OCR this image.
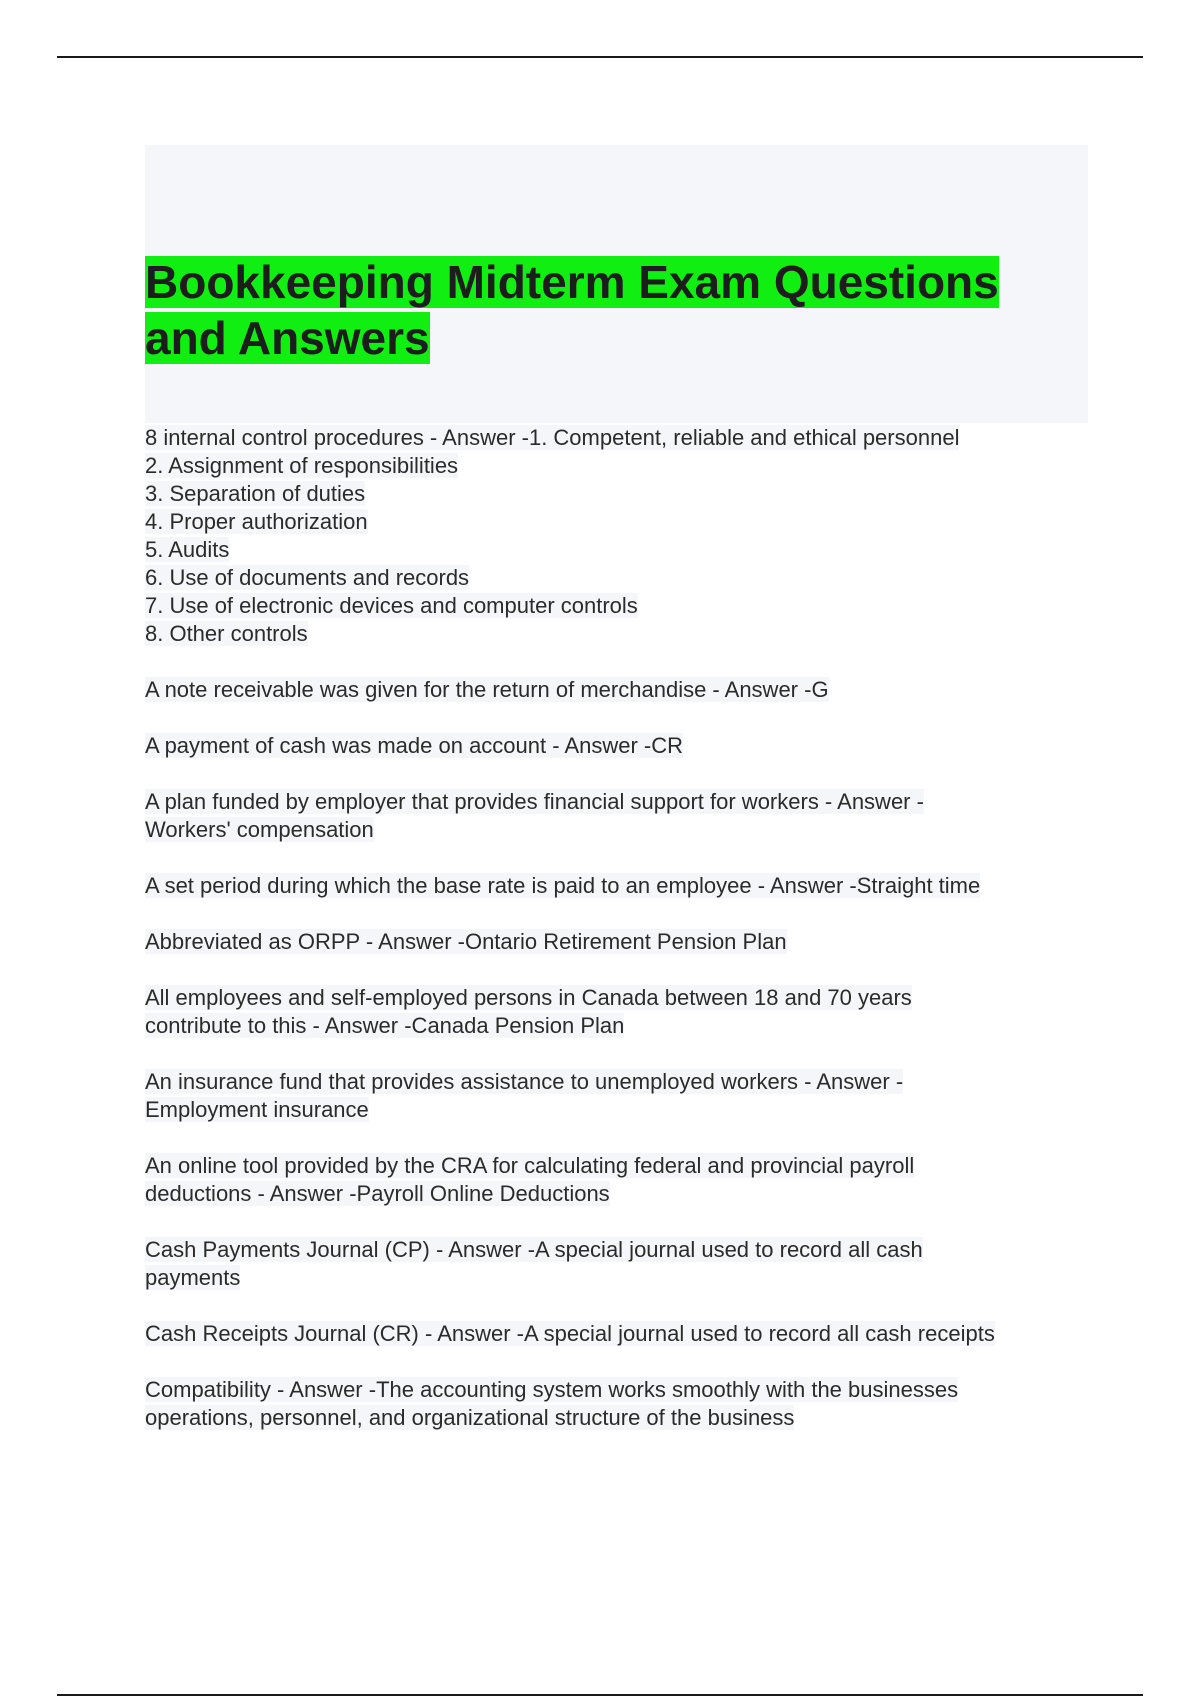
Bookkeeping Midterm Exam Questions and Answers

8 internal control procedures - Answer -1. Competent, reliable and ethical personnel
2. Assignment of responsibilities
3. Separation of duties
4. Proper authorization
5. Audits
6. Use of documents and records
7. Use of electronic devices and computer controls
8. Other controls

A note receivable was given for the return of merchandise - Answer -G

A payment of cash was made on account - Answer -CR

A plan funded by employer that provides financial support for workers - Answer -
Workers' compensation

A set period during which the base rate is paid to an employee - Answer -Straight time

Abbreviated as ORPP - Answer -Ontario Retirement Pension Plan

All employees and self-employed persons in Canada between 18 and 70 years
contribute to this - Answer -Canada Pension Plan

An insurance fund that provides assistance to unemployed workers - Answer -
Employment insurance

An online tool provided by the CRA for calculating federal and provincial payroll
deductions - Answer -Payroll Online Deductions

Cash Payments Journal (CP) - Answer -A special journal used to record all cash
payments

Cash Receipts Journal (CR) - Answer -A special journal used to record all cash receipts

Compatibility - Answer -The accounting system works smoothly with the businesses
operations, personnel, and organizational structure of the business
